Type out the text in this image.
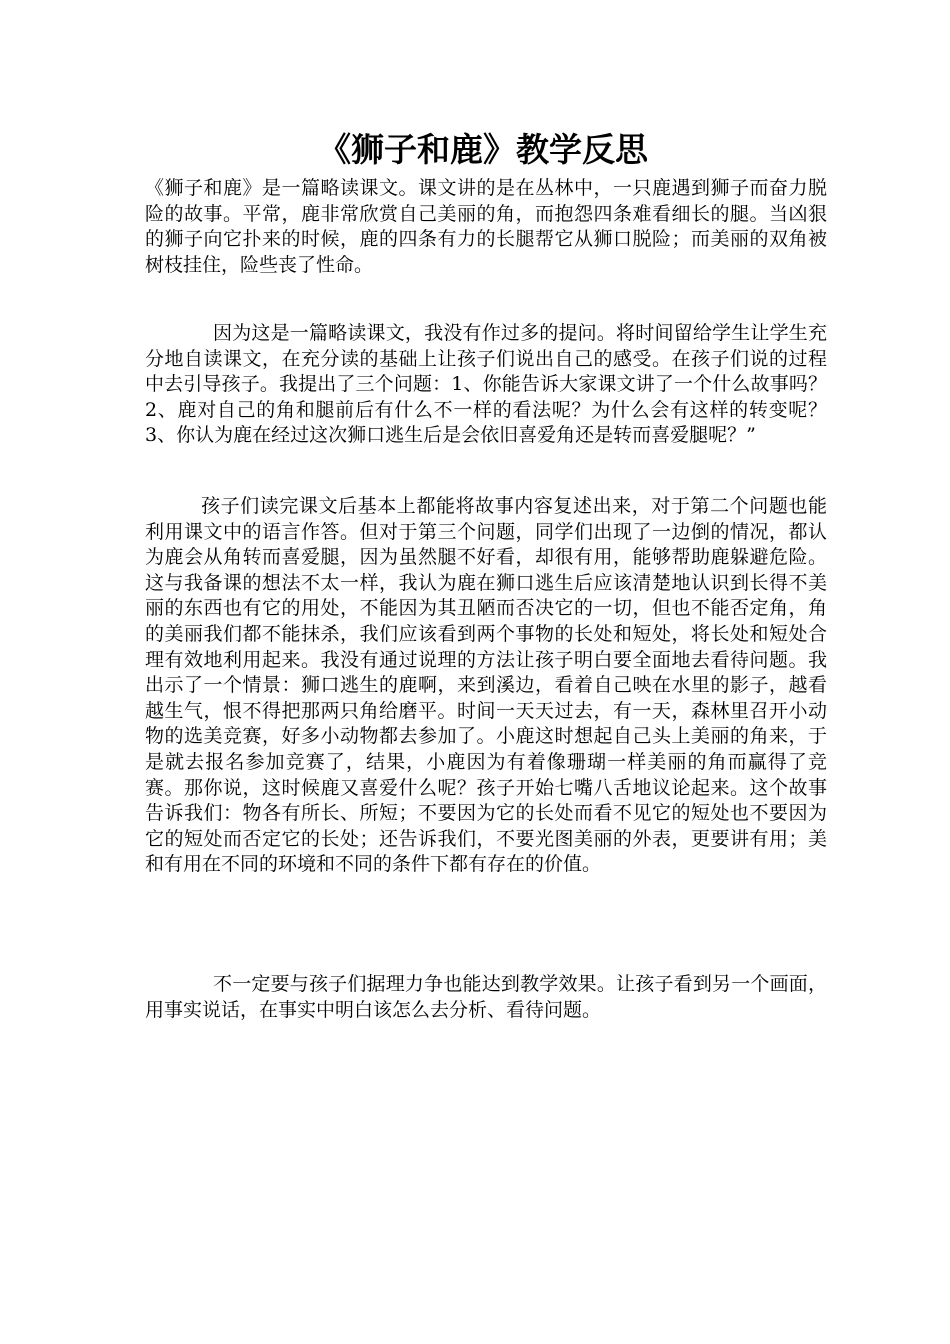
《狮子和鹿》教学反思

《狮子和鹿》是一篇略读课文。课文讲的是在丛林中，一只鹿遇到狮子而奋力脱险的故事。平常，鹿非常欣赏自己美丽的角，而抱怨四条难看细长的腿。当凶狠的狮子向它扑来的时候，鹿的四条有力的长腿帮它从狮口脱险；而美丽的双角被树枝挂住，险些丧了性命。

因为这是一篇略读课文，我没有作过多的提问。将时间留给学生让学生充分地自读课文，在充分读的基础上让孩子们说出自己的感受。在孩子们说的过程中去引导孩子。我提出了三个问题：1、你能告诉大家课文讲了一个什么故事吗？2、鹿对自己的角和腿前后有什么不一样的看法呢？为什么会有这样的转变呢？3、你认为鹿在经过这次狮口逃生后是会依旧喜爱角还是转而喜爱腿呢？”

孩子们读完课文后基本上都能将故事内容复述出来，对于第二个问题也能利用课文中的语言作答。但对于第三个问题，同学们出现了一边倒的情况，都认为鹿会从角转而喜爱腿，因为虽然腿不好看，却很有用，能够帮助鹿躲避危险。这与我备课的想法不太一样，我认为鹿在狮口逃生后应该清楚地认识到长得不美丽的东西也有它的用处，不能因为其丑陋而否决它的一切，但也不能否定角，角的美丽我们都不能抹杀，我们应该看到两个事物的长处和短处，将长处和短处合理有效地利用起来。我没有通过说理的方法让孩子明白要全面地去看待问题。我出示了一个情景：狮口逃生的鹿啊，来到溪边，看着自己映在水里的影子，越看越生气，恨不得把那两只角给磨平。时间一天天过去，有一天，森林里召开小动物的选美竞赛，好多小动物都去参加了。小鹿这时想起自己头上美丽的角来，于是就去报名参加竞赛了，结果，小鹿因为有着像珊瑚一样美丽的角而赢得了竞赛。那你说，这时候鹿又喜爱什么呢？孩子开始七嘴八舌地议论起来。这个故事告诉我们：物各有所长、所短；不要因为它的长处而看不见它的短处也不要因为它的短处而否定它的长处；还告诉我们，不要光图美丽的外表，更要讲有用；美和有用在不同的环境和不同的条件下都有存在的价值。

不一定要与孩子们据理力争也能达到教学效果。让孩子看到另一个画面，用事实说话，在事实中明白该怎么去分析、看待问题。
